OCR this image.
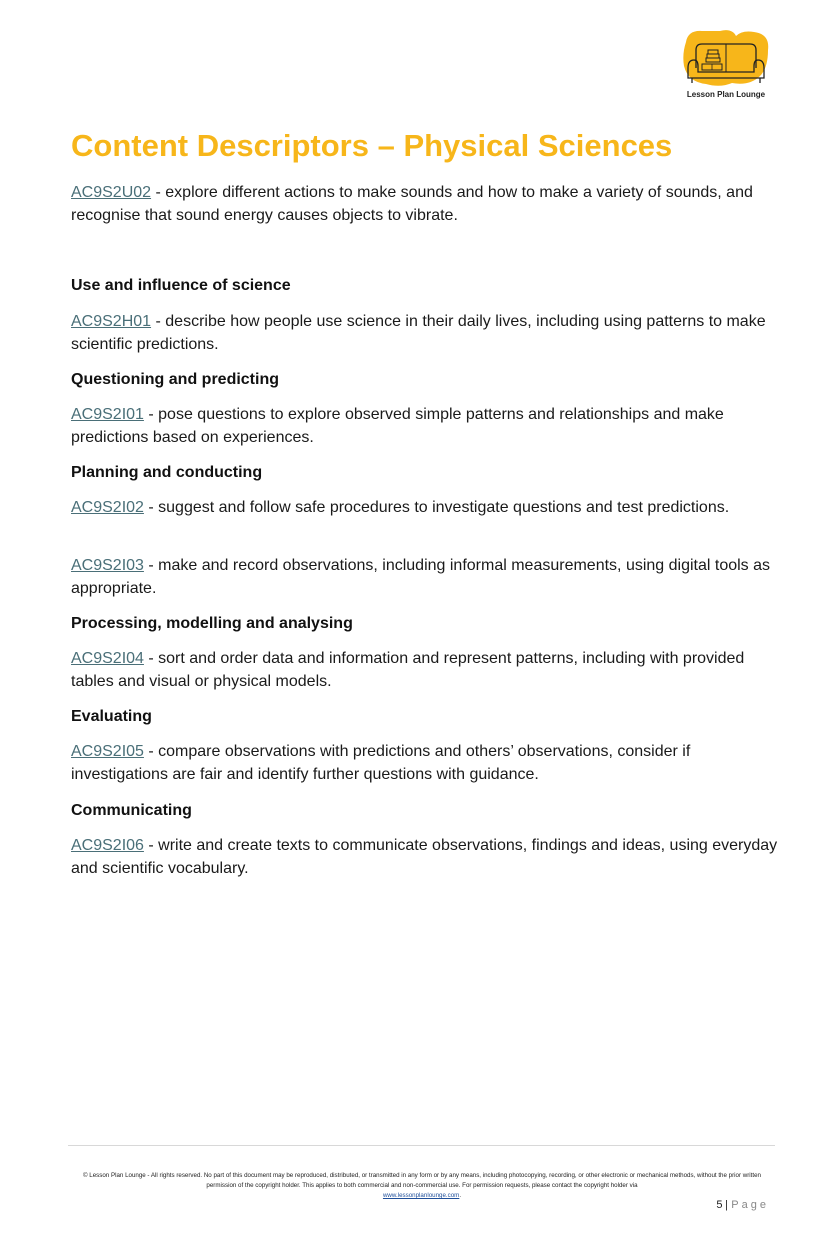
Lesson Plan Lounge
Content Descriptors – Physical Sciences

AC9S2U02 - explore different actions to make sounds and how to make a variety of sounds, and recognise that sound energy causes objects to vibrate.

Use and influence of science

AC9S2H01 - describe how people use science in their daily lives, including using patterns to make scientific predictions.

Questioning and predicting

AC9S2I01 - pose questions to explore observed simple patterns and relationships and make predictions based on experiences.

Planning and conducting

AC9S2I02 - suggest and follow safe procedures to investigate questions and test predictions.

AC9S2I03 - make and record observations, including informal measurements, using digital tools as appropriate.

Processing, modelling and analysing

AC9S2I04 - sort and order data and information and represent patterns, including with provided tables and visual or physical models.

Evaluating

AC9S2I05 - compare observations with predictions and others’ observations, consider if investigations are fair and identify further questions with guidance.

Communicating

AC9S2I06 - write and create texts to communicate observations, findings and ideas, using everyday and scientific vocabulary.

© Lesson Plan Lounge - All rights reserved. No part of this document may be reproduced, distributed, or transmitted in any form or by any means, including photocopying, recording, or other electronic or mechanical methods, without the prior written permission of the copyright holder. This applies to both commercial and non-commercial use. For permission requests, please contact the copyright holder via
www.lessonplanlounge.com.

5 | Page
